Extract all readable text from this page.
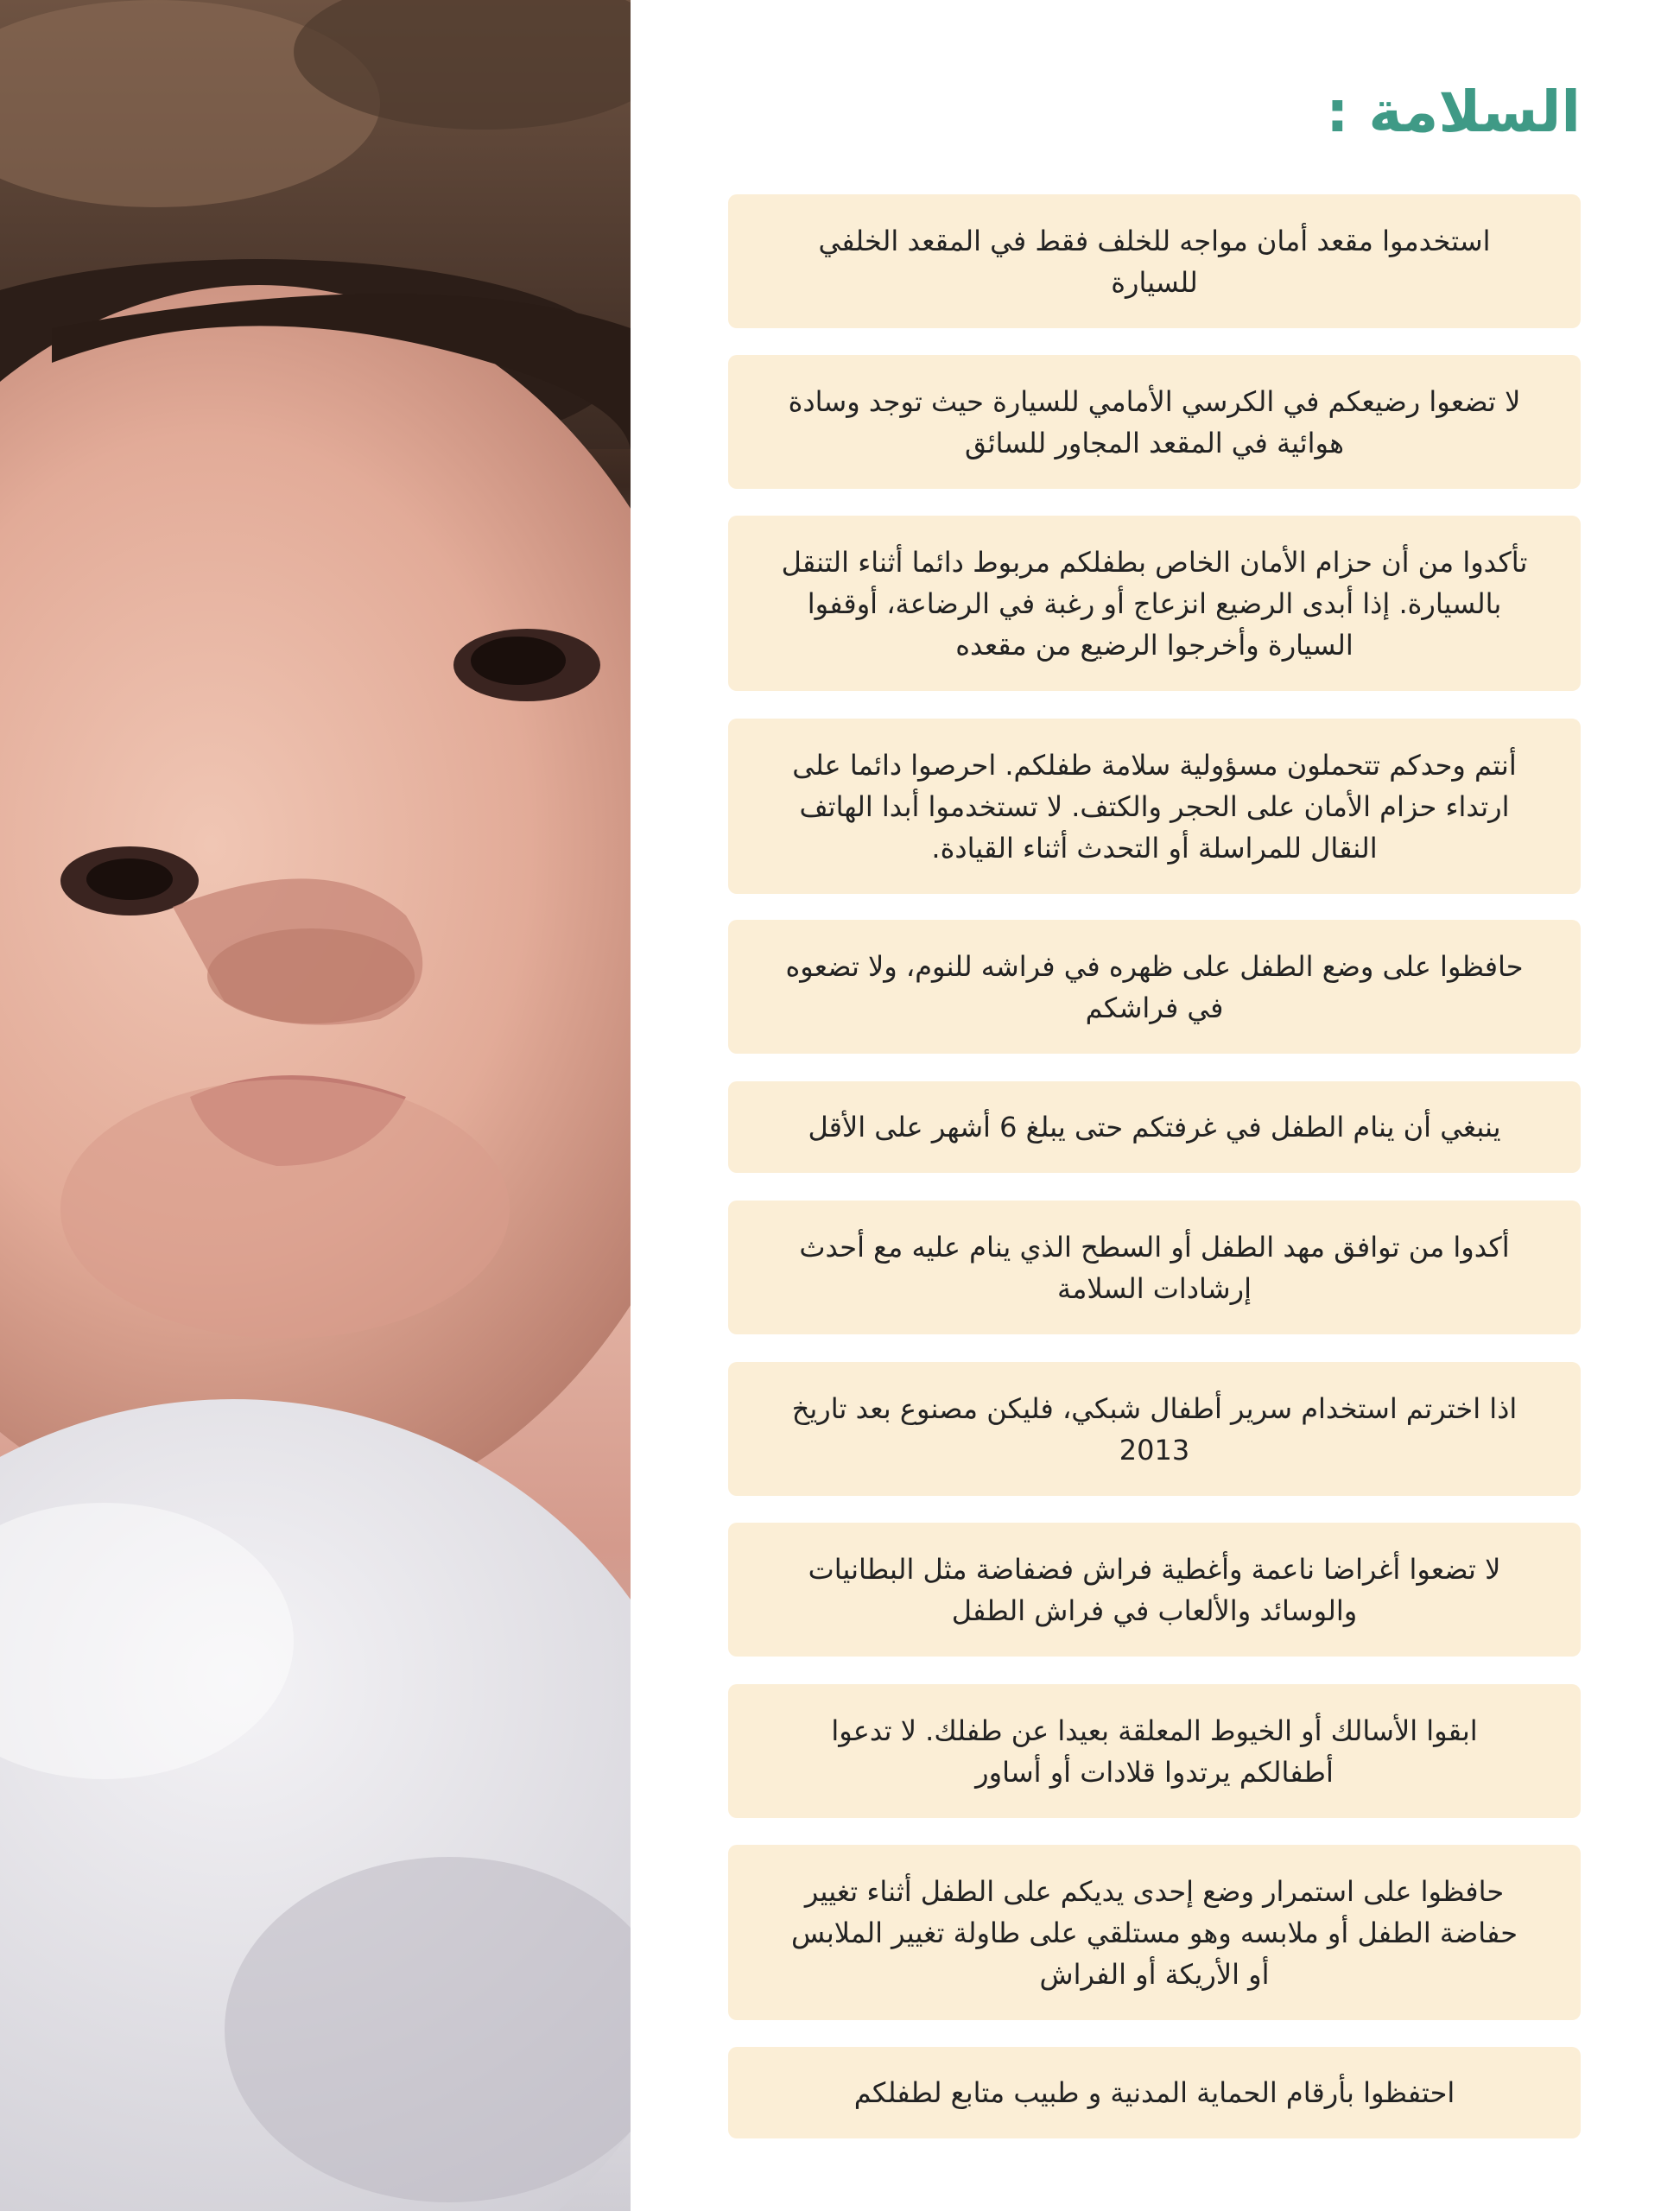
السلامة :
استخدموا مقعد أمان مواجه للخلف فقط في المقعد الخلفي للسيارة
لا تضعوا رضيعكم في الكرسي الأمامي للسيارة حيث توجد وسادة هوائية في المقعد المجاور للسائق
تأكدوا من أن حزام الأمان الخاص بطفلكم مربوط دائما أثناء التنقل بالسيارة. إذا أبدى الرضيع انزعاج أو رغبة في الرضاعة، أوقفوا السيارة وأخرجوا الرضيع من مقعده
أنتم وحدكم تتحملون مسؤولية سلامة طفلكم. احرصوا دائما على ارتداء حزام الأمان على الحجر والكتف. لا تستخدموا أبدا الهاتف النقال للمراسلة أو التحدث أثناء القيادة.
حافظوا على وضع الطفل على ظهره في فراشه للنوم، ولا تضعوه في فراشكم
ينبغي أن ينام الطفل في غرفتكم حتى يبلغ 6 أشهر على الأقل
أكدوا من توافق مهد الطفل أو السطح الذي ينام عليه مع أحدث إرشادات السلامة
اذا اخترتم استخدام سرير أطفال شبكي، فليكن مصنوع بعد تاريخ 2013
لا تضعوا أغراضا ناعمة وأغطية فراش فضفاضة مثل البطانيات والوسائد والألعاب في فراش الطفل
ابقوا الأسالك أو الخيوط المعلقة بعيدا عن طفلك. لا تدعوا أطفالكم يرتدوا قلادات أو أساور
حافظوا على استمرار وضع إحدى يديكم على الطفل أثناء تغيير حفاضة الطفل أو ملابسه وهو مستلقي على طاولة تغيير الملابس أو الأريكة أو الفراش
احتفظوا بأرقام الحماية المدنية و طبيب متابع لطفلكم
